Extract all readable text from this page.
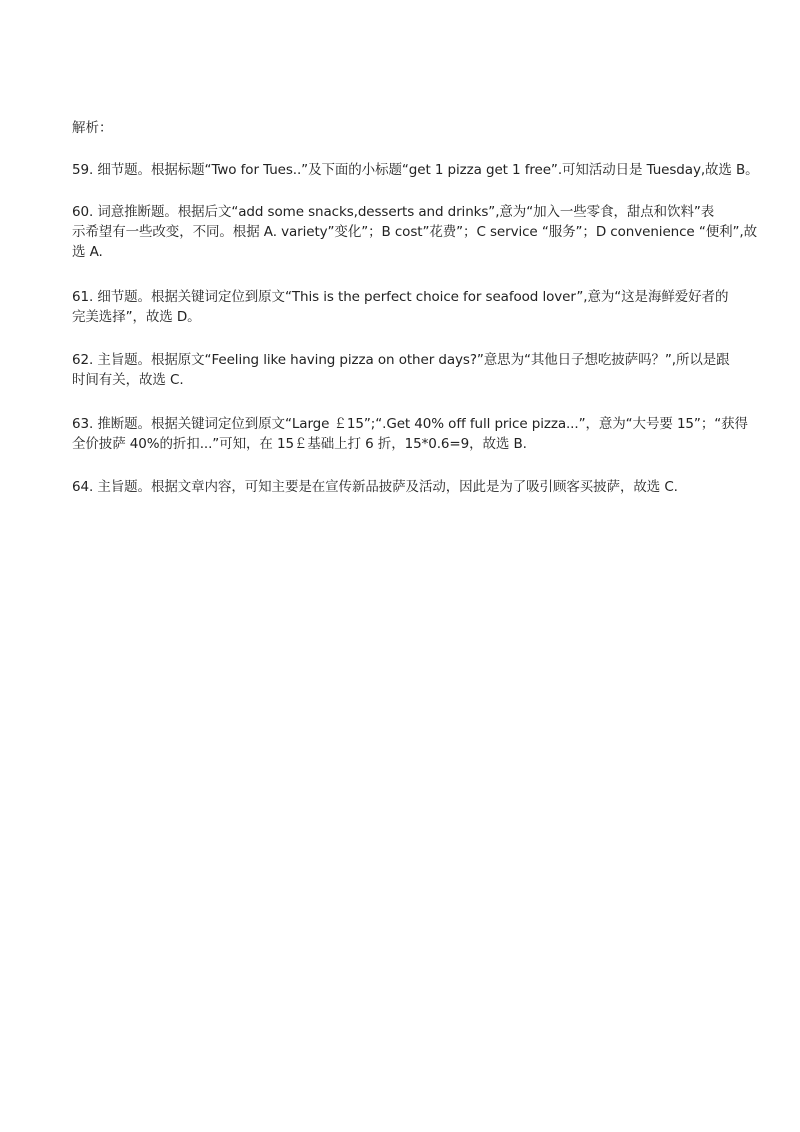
解析：
59. 细节题。根据标题“Two for Tues..”及下面的小标题“get 1 pizza get 1 free”.可知活动日是 Tuesday,故选 B。
60. 词意推断题。根据后文“add some snacks,desserts and drinks”,意为“加入一些零食，甜点和饮料”表
示希望有一些改变，不同。根据 A. variety”变化”；B cost”花费”；C service “服务”；D convenience “便利”,故
选 A.
61. 细节题。根据关键词定位到原文“This is the perfect choice for seafood lover”,意为“这是海鲜爱好者的
完美选择”，故选 D。
62. 主旨题。根据原文“Feeling like having pizza on other days?”意思为“其他日子想吃披萨吗？”,所以是跟
时间有关，故选 C.
63. 推断题。根据关键词定位到原文“Large ￡15”;“.Get 40% off full price pizza...”，意为“大号要 15”；“获得
全价披萨 40%的折扣...”可知，在 15￡基础上打 6 折，15*0.6=9，故选 B.
64. 主旨题。根据文章内容，可知主要是在宣传新品披萨及活动，因此是为了吸引顾客买披萨，故选 C.
